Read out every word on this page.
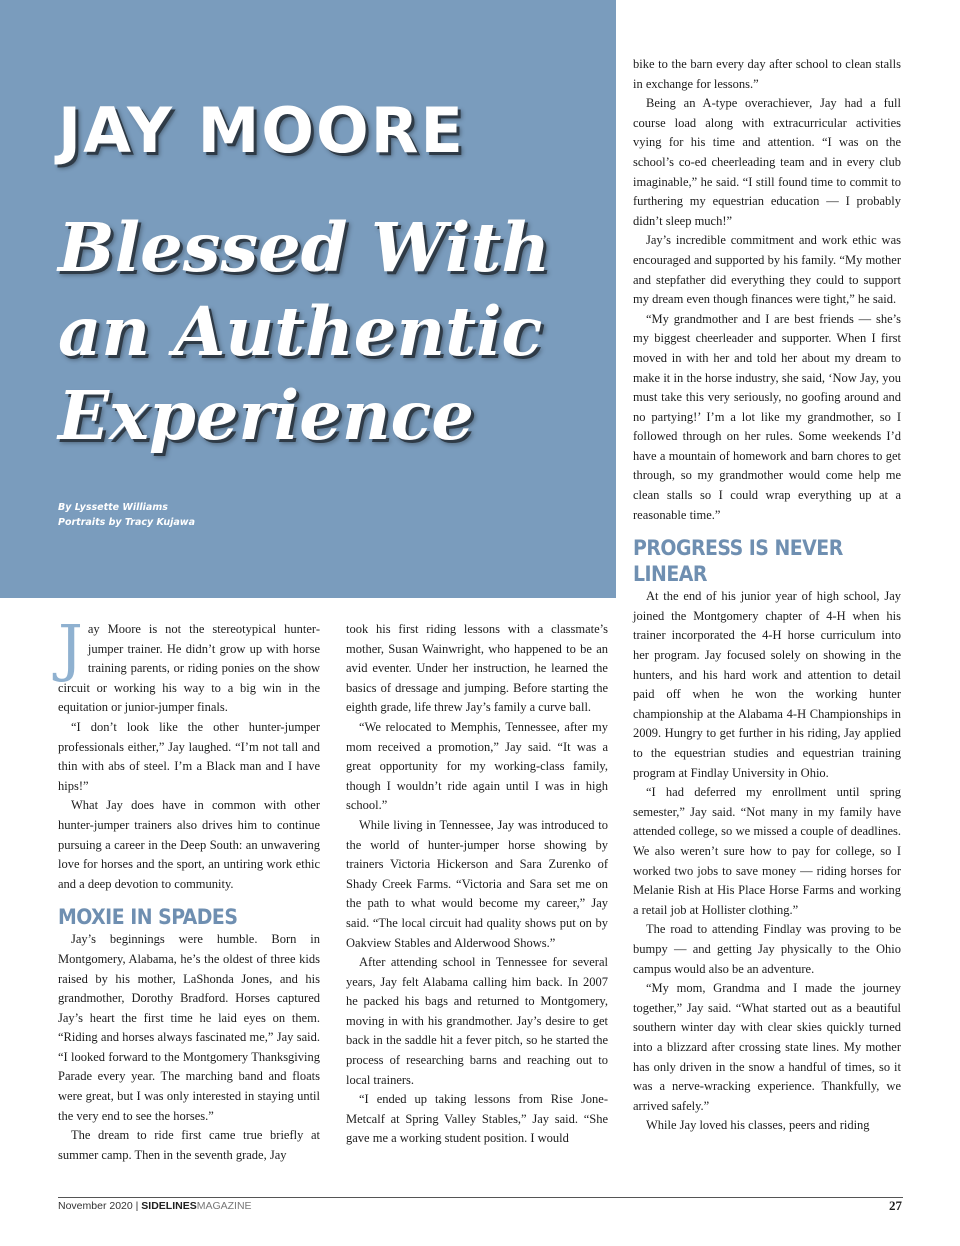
JAY MOORE
Blessed With
an Authentic
Experience
By Lyssette Williams
Portraits by Tracy Kujawa

Jay Moore is not the stereotypical hunter-jumper trainer. He didn’t grow up with horse training parents, or riding ponies on the show circuit or working his way to a big win in the equitation or junior-jumper finals.

“I don’t look like the other hunter-jumper professionals either,” Jay laughed. “I’m not tall and thin with abs of steel. I’m a Black man and I have hips!”

What Jay does have in common with other hunter-jumper trainers also drives him to continue pursuing a career in the Deep South: an unwavering love for horses and the sport, an untiring work ethic and a deep devotion to community.

MOXIE IN SPADES

Jay’s beginnings were humble. Born in Montgomery, Alabama, he’s the oldest of three kids raised by his mother, LaShonda Jones, and his grandmother, Dorothy Bradford. Horses captured Jay’s heart the first time he laid eyes on them. “Riding and horses always fascinated me,” Jay said. “I looked forward to the Montgomery Thanksgiving Parade every year. The marching band and floats were great, but I was only interested in staying until the very end to see the horses.”

The dream to ride first came true briefly at summer camp. Then in the seventh grade, Jay

took his first riding lessons with a classmate’s mother, Susan Wainwright, who happened to be an avid eventer. Under her instruction, he learned the basics of dressage and jumping. Before starting the eighth grade, life threw Jay’s family a curve ball.

“We relocated to Memphis, Tennessee, after my mom received a promotion,” Jay said. “It was a great opportunity for my working-class family, though I wouldn’t ride again until I was in high school.”

While living in Tennessee, Jay was introduced to the world of hunter-jumper horse showing by trainers Victoria Hickerson and Sara Zurenko of Shady Creek Farms. “Victoria and Sara set me on the path to what would become my career,” Jay said. “The local circuit had quality shows put on by Oakview Stables and Alderwood Shows.”

After attending school in Tennessee for several years, Jay felt Alabama calling him back. In 2007 he packed his bags and returned to Montgomery, moving in with his grandmother. Jay’s desire to get back in the saddle hit a fever pitch, so he started the process of researching barns and reaching out to local trainers.

“I ended up taking lessons from Rise Jone-Metcalf at Spring Valley Stables,” Jay said. “She gave me a working student position. I would

bike to the barn every day after school to clean stalls in exchange for lessons.”

Being an A-type overachiever, Jay had a full course load along with extracurricular activities vying for his time and attention. “I was on the school’s co-ed cheerleading team and in every club imaginable,” he said. “I still found time to commit to furthering my equestrian education — I probably didn’t sleep much!”

Jay’s incredible commitment and work ethic was encouraged and supported by his family. “My mother and stepfather did everything they could to support my dream even though finances were tight,” he said.

“My grandmother and I are best friends — she’s my biggest cheerleader and supporter. When I first moved in with her and told her about my dream to make it in the horse industry, she said, ‘Now Jay, you must take this very seriously, no goofing around and no partying!’ I’m a lot like my grandmother, so I followed through on her rules. Some weekends I’d have a mountain of homework and barn chores to get through, so my grandmother would come help me clean stalls so I could wrap everything up at a reasonable time.”

PROGRESS IS NEVER LINEAR

At the end of his junior year of high school, Jay joined the Montgomery chapter of 4-H when his trainer incorporated the 4-H horse curriculum into her program. Jay focused solely on showing in the hunters, and his hard work and attention to detail paid off when he won the working hunter championship at the Alabama 4-H Championships in 2009. Hungry to get further in his riding, Jay applied to the equestrian studies and equestrian training program at Findlay University in Ohio.

“I had deferred my enrollment until spring semester,” Jay said. “Not many in my family have attended college, so we missed a couple of deadlines. We also weren’t sure how to pay for college, so I worked two jobs to save money — riding horses for Melanie Rish at His Place Horse Farms and working a retail job at Hollister clothing.”

The road to attending Findlay was proving to be bumpy — and getting Jay physically to the Ohio campus would also be an adventure.

“My mom, Grandma and I made the journey together,” Jay said. “What started out as a beautiful southern winter day with clear skies quickly turned into a blizzard after crossing state lines. My mother has only driven in the snow a handful of times, so it was a nerve-wracking experience. Thankfully, we arrived safely.”

While Jay loved his classes, peers and riding

November 2020 | SIDELINESMAGAZINE	27
